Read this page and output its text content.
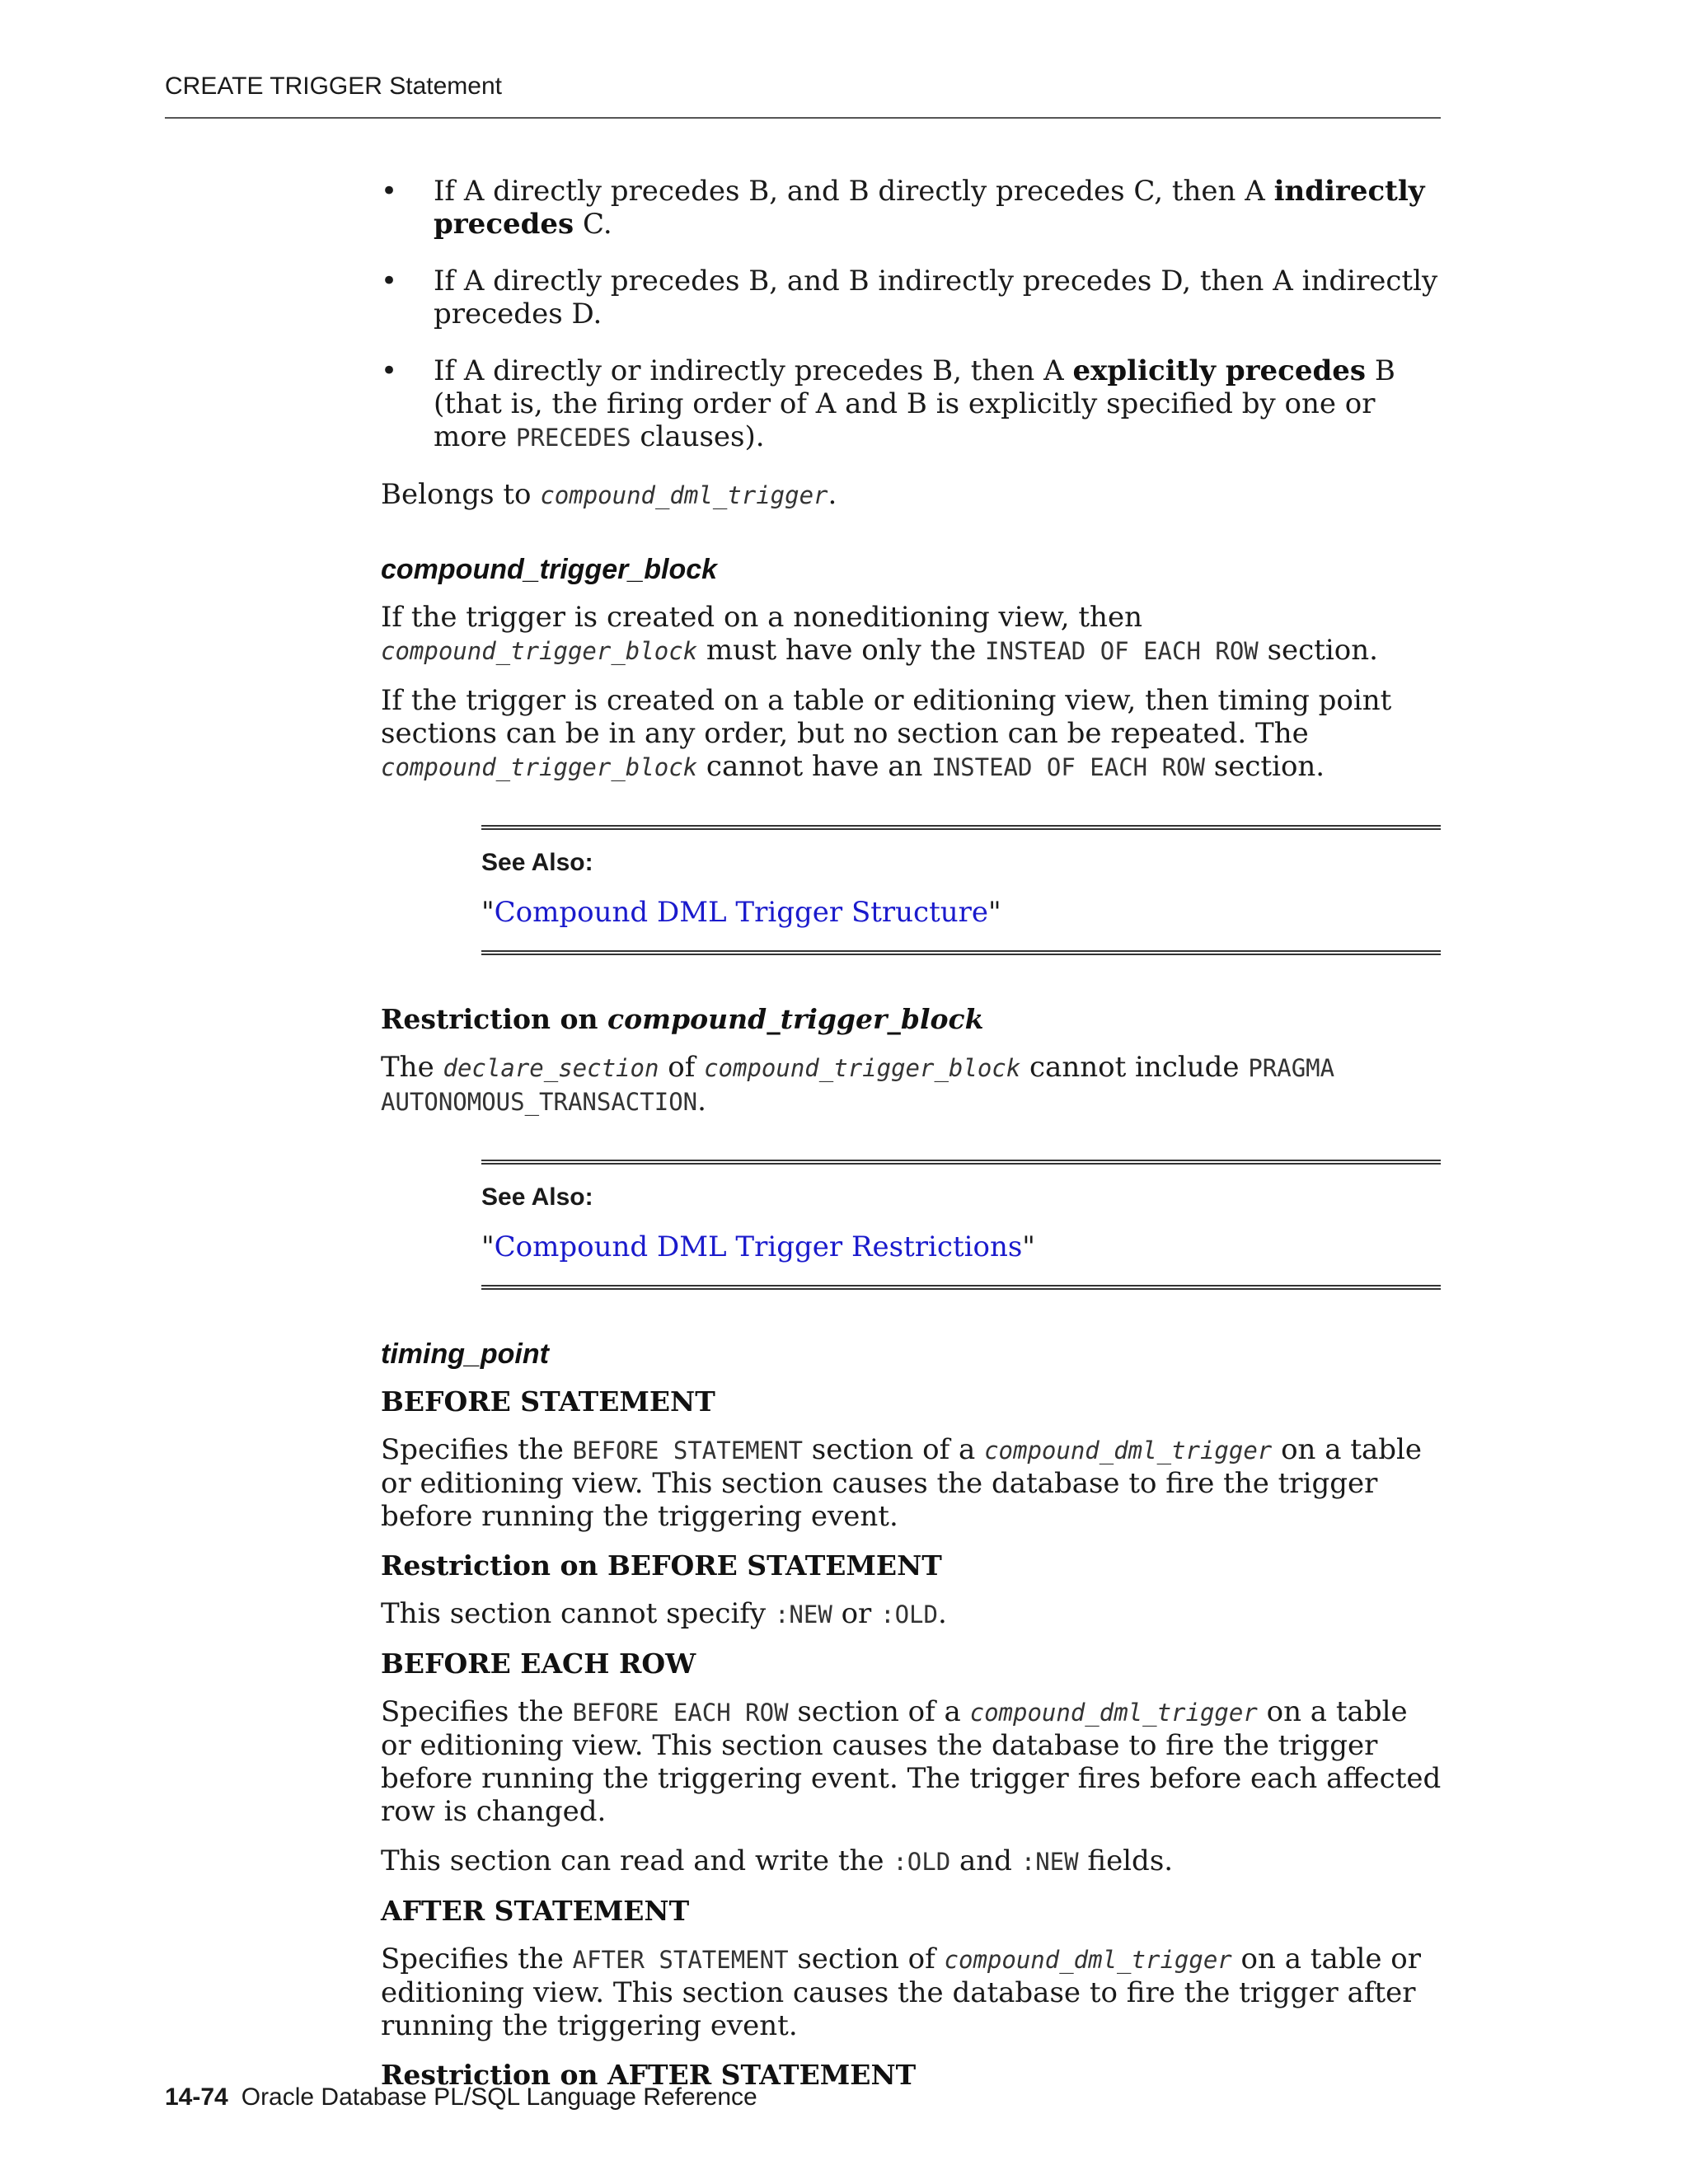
CREATE TRIGGER Statement
• If A directly precedes B, and B directly precedes C, then A indirectly precedes C.
• If A directly precedes B, and B indirectly precedes D, then A indirectly precedes D.
• If A directly or indirectly precedes B, then A explicitly precedes B (that is, the firing order of A and B is explicitly specified by one or more PRECEDES clauses).

Belongs to compound_dml_trigger.

compound_trigger_block

If the trigger is created on a noneditioning view, then compound_trigger_block must have only the INSTEAD OF EACH ROW section.

If the trigger is created on a table or editioning view, then timing point sections can be in any order, but no section can be repeated. The compound_trigger_block cannot have an INSTEAD OF EACH ROW section.

See Also:
"Compound DML Trigger Structure"
Restriction on compound_trigger_block

The declare_section of compound_trigger_block cannot include PRAGMA AUTONOMOUS_TRANSACTION.

See Also:
"Compound DML Trigger Restrictions"
timing_point
BEFORE STATEMENT

Specifies the BEFORE STATEMENT section of a compound_dml_trigger on a table or editioning view. This section causes the database to fire the trigger before running the triggering event.

Restriction on BEFORE STATEMENT

This section cannot specify :NEW or :OLD.

BEFORE EACH ROW

Specifies the BEFORE EACH ROW section of a compound_dml_trigger on a table or editioning view. This section causes the database to fire the trigger before running the triggering event. The trigger fires before each affected row is changed.

This section can read and write the :OLD and :NEW fields.

AFTER STATEMENT

Specifies the AFTER STATEMENT section of compound_dml_trigger on a table or editioning view. This section causes the database to fire the trigger after running the triggering event.

Restriction on AFTER STATEMENT
14-74 Oracle Database PL/SQL Language Reference
